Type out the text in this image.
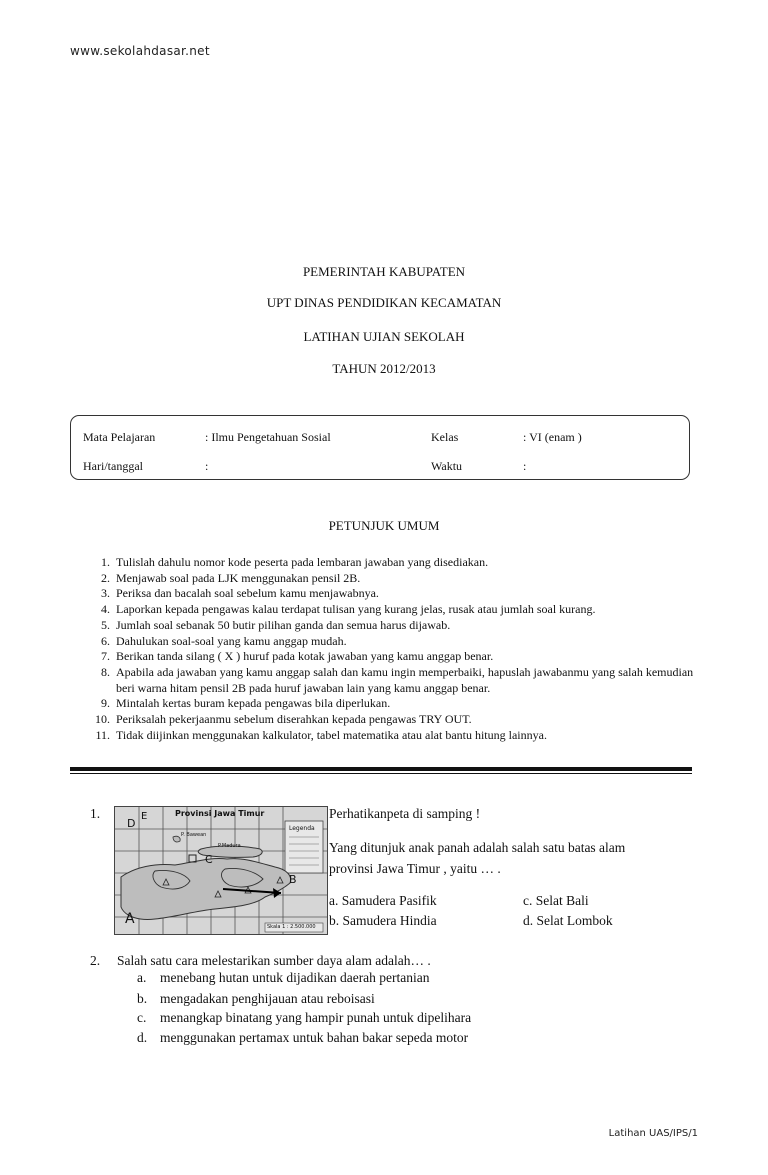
www.sekolahdasar.net
PEMERINTAH KABUPATEN
UPT DINAS PENDIDIKAN KECAMATAN
LATIHAN UJIAN SEKOLAH
TAHUN 2012/2013
Mata Pelajaran	: Ilmu Pengetahuan Sosial	Kelas	: VI (enam )
Hari/tanggal	:	Waktu	:
PETUNJUK UMUM
1. Tulislah dahulu nomor kode peserta pada lembaran jawaban yang disediakan.
2. Menjawab soal pada LJK menggunakan pensil 2B.
3. Periksa dan bacalah soal sebelum kamu menjawabnya.
4. Laporkan kepada pengawas kalau terdapat tulisan yang kurang jelas, rusak atau jumlah soal kurang.
5. Jumlah soal sebanak 50 butir pilihan ganda dan semua harus dijawab.
6. Dahulukan soal-soal yang kamu anggap mudah.
7. Berikan tanda silang ( X ) huruf pada kotak jawaban yang kamu anggap benar.
8. Apabila ada jawaban yang kamu anggap salah dan kamu ingin memperbaiki, hapuslah jawabanmu yang salah kemudian beri warna hitam pensil 2B pada huruf jawaban lain yang kamu anggap benar.
9. Mintalah kertas buram kepada pengawas bila diperlukan.
10. Periksalah pekerjaanmu sebelum diserahkan kepada pengawas TRY OUT.
11. Tidak diijinkan menggunakan kalkulator, tabel matematika atau alat bantu hitung lainnya.
1.	Provinsi Jawa Timur
Legenda
P.Madura
P. Bawean
Skala 1 : 2.500.000
A
B
C
D
E	Perhatikanpeta di samping !
Yang ditunjuk anak panah adalah salah satu batas alam
provinsi Jawa Timur , yaitu … .
a. Samudera Pasifik
b. Samudera Hindia
c. Selat Bali
d. Selat Lombok
2. Salah satu cara melestarikan sumber daya alam adalah… .
a. menebang hutan untuk dijadikan daerah pertanian
b. mengadakan penghijauan atau reboisasi
c. menangkap binatang yang hampir punah untuk dipelihara
d. menggunakan pertamax untuk bahan bakar sepeda motor
Latihan UAS/IPS/1
